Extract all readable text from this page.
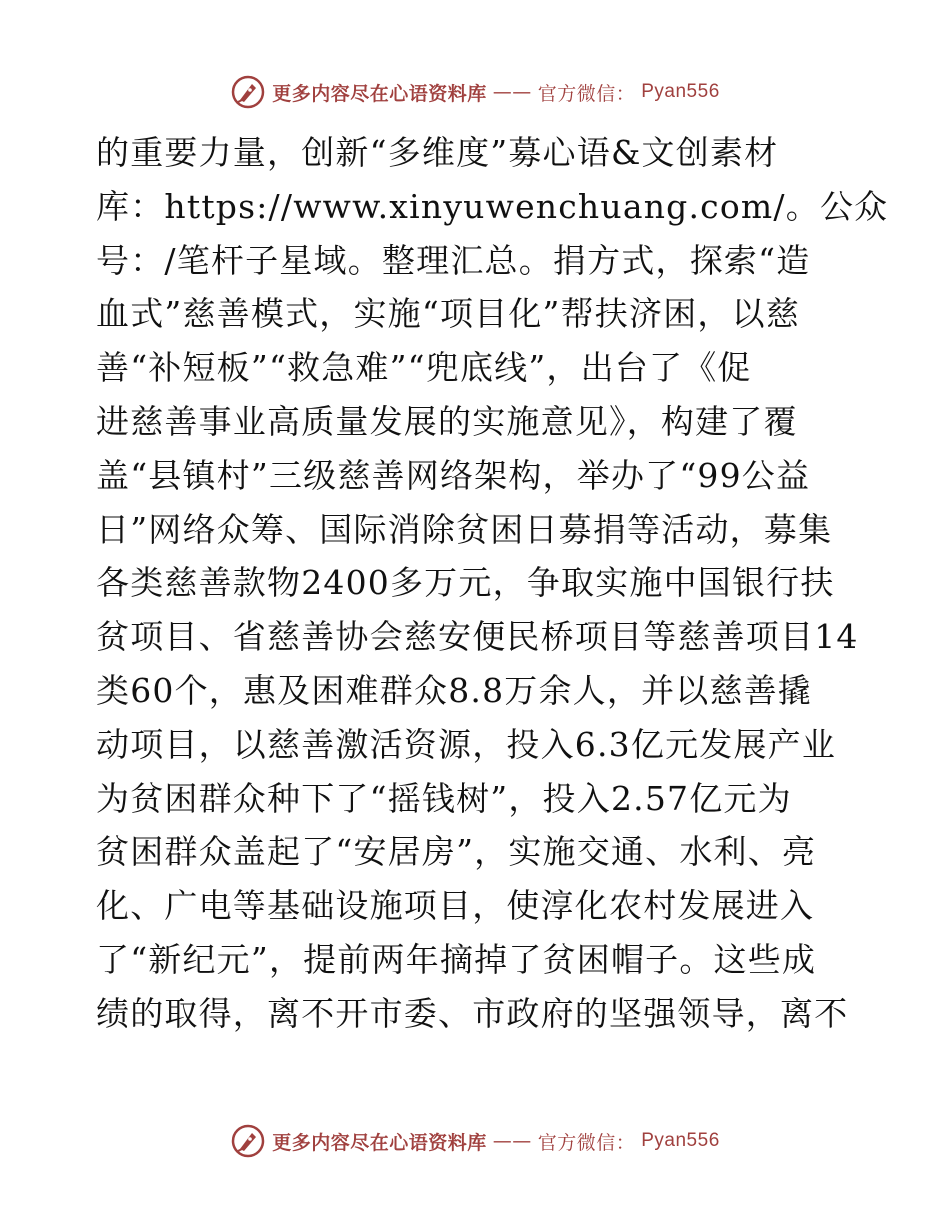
更多内容尽在心语资料库 —— 官方微信： Pyan556
的重要力量，创新“多维度”募心语&文创素材
库：https://www.xinyuwenchuang.com/。公众
号：/笔杆子星域。整理汇总。捐方式，探索“造
血式”慈善模式，实施“项目化”帮扶济困，以慈
善“补短板”“救急难”“兜底线”，出台了《促
进慈善事业高质量发展的实施意见》，构建了覆
盖“县镇村”三级慈善网络架构，举办了“99公益
日”网络众筹、国际消除贫困日募捐等活动，募集
各类慈善款物2400多万元，争取实施中国银行扶
贫项目、省慈善协会慈安便民桥项目等慈善项目14
类60个，惠及困难群众8.8万余人，并以慈善撬
动项目，以慈善激活资源，投入6.3亿元发展产业
为贫困群众种下了“摇钱树”，投入2.57亿元为
贫困群众盖起了“安居房”，实施交通、水利、亮
化、广电等基础设施项目，使淳化农村发展进入
了“新纪元”，提前两年摘掉了贫困帽子。这些成
绩的取得，离不开市委、市政府的坚强领导，离不
更多内容尽在心语资料库 —— 官方微信： Pyan556
